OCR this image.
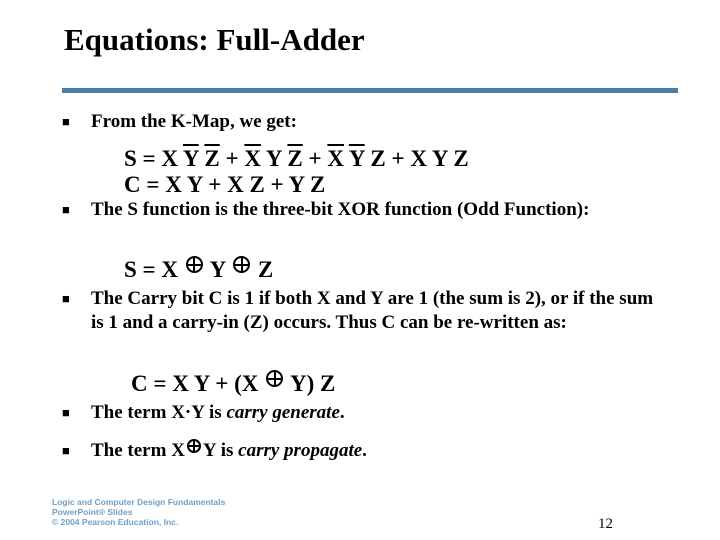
Equations: Full-Adder
■ From the K-Map, we get:
S = X $\overline{Y}$ $\overline{Z} + \overline{X}$ Y $\overline{Z} + \overline{X}$ $\overline{Y}$ Z + X Y Z
C = X Y + X Z + Y Z
■ The S function is the three-bit XOR function (Odd Function):
S = X  Y  Z
■ The Carry bit C is 1 if both X and Y are 1 (the sum is 2), or if the sum is 1 and a carry-in (Z) occurs. Thus C can be re-written as:
C = X Y + (X  Y) Z
■ The term X·Y is carry generate.
■ The term X Y is carry propagate.
Logic and Computer Design Fundamentals
PowerPoint® Slides
© 2004 Pearson Education, Inc.	12
